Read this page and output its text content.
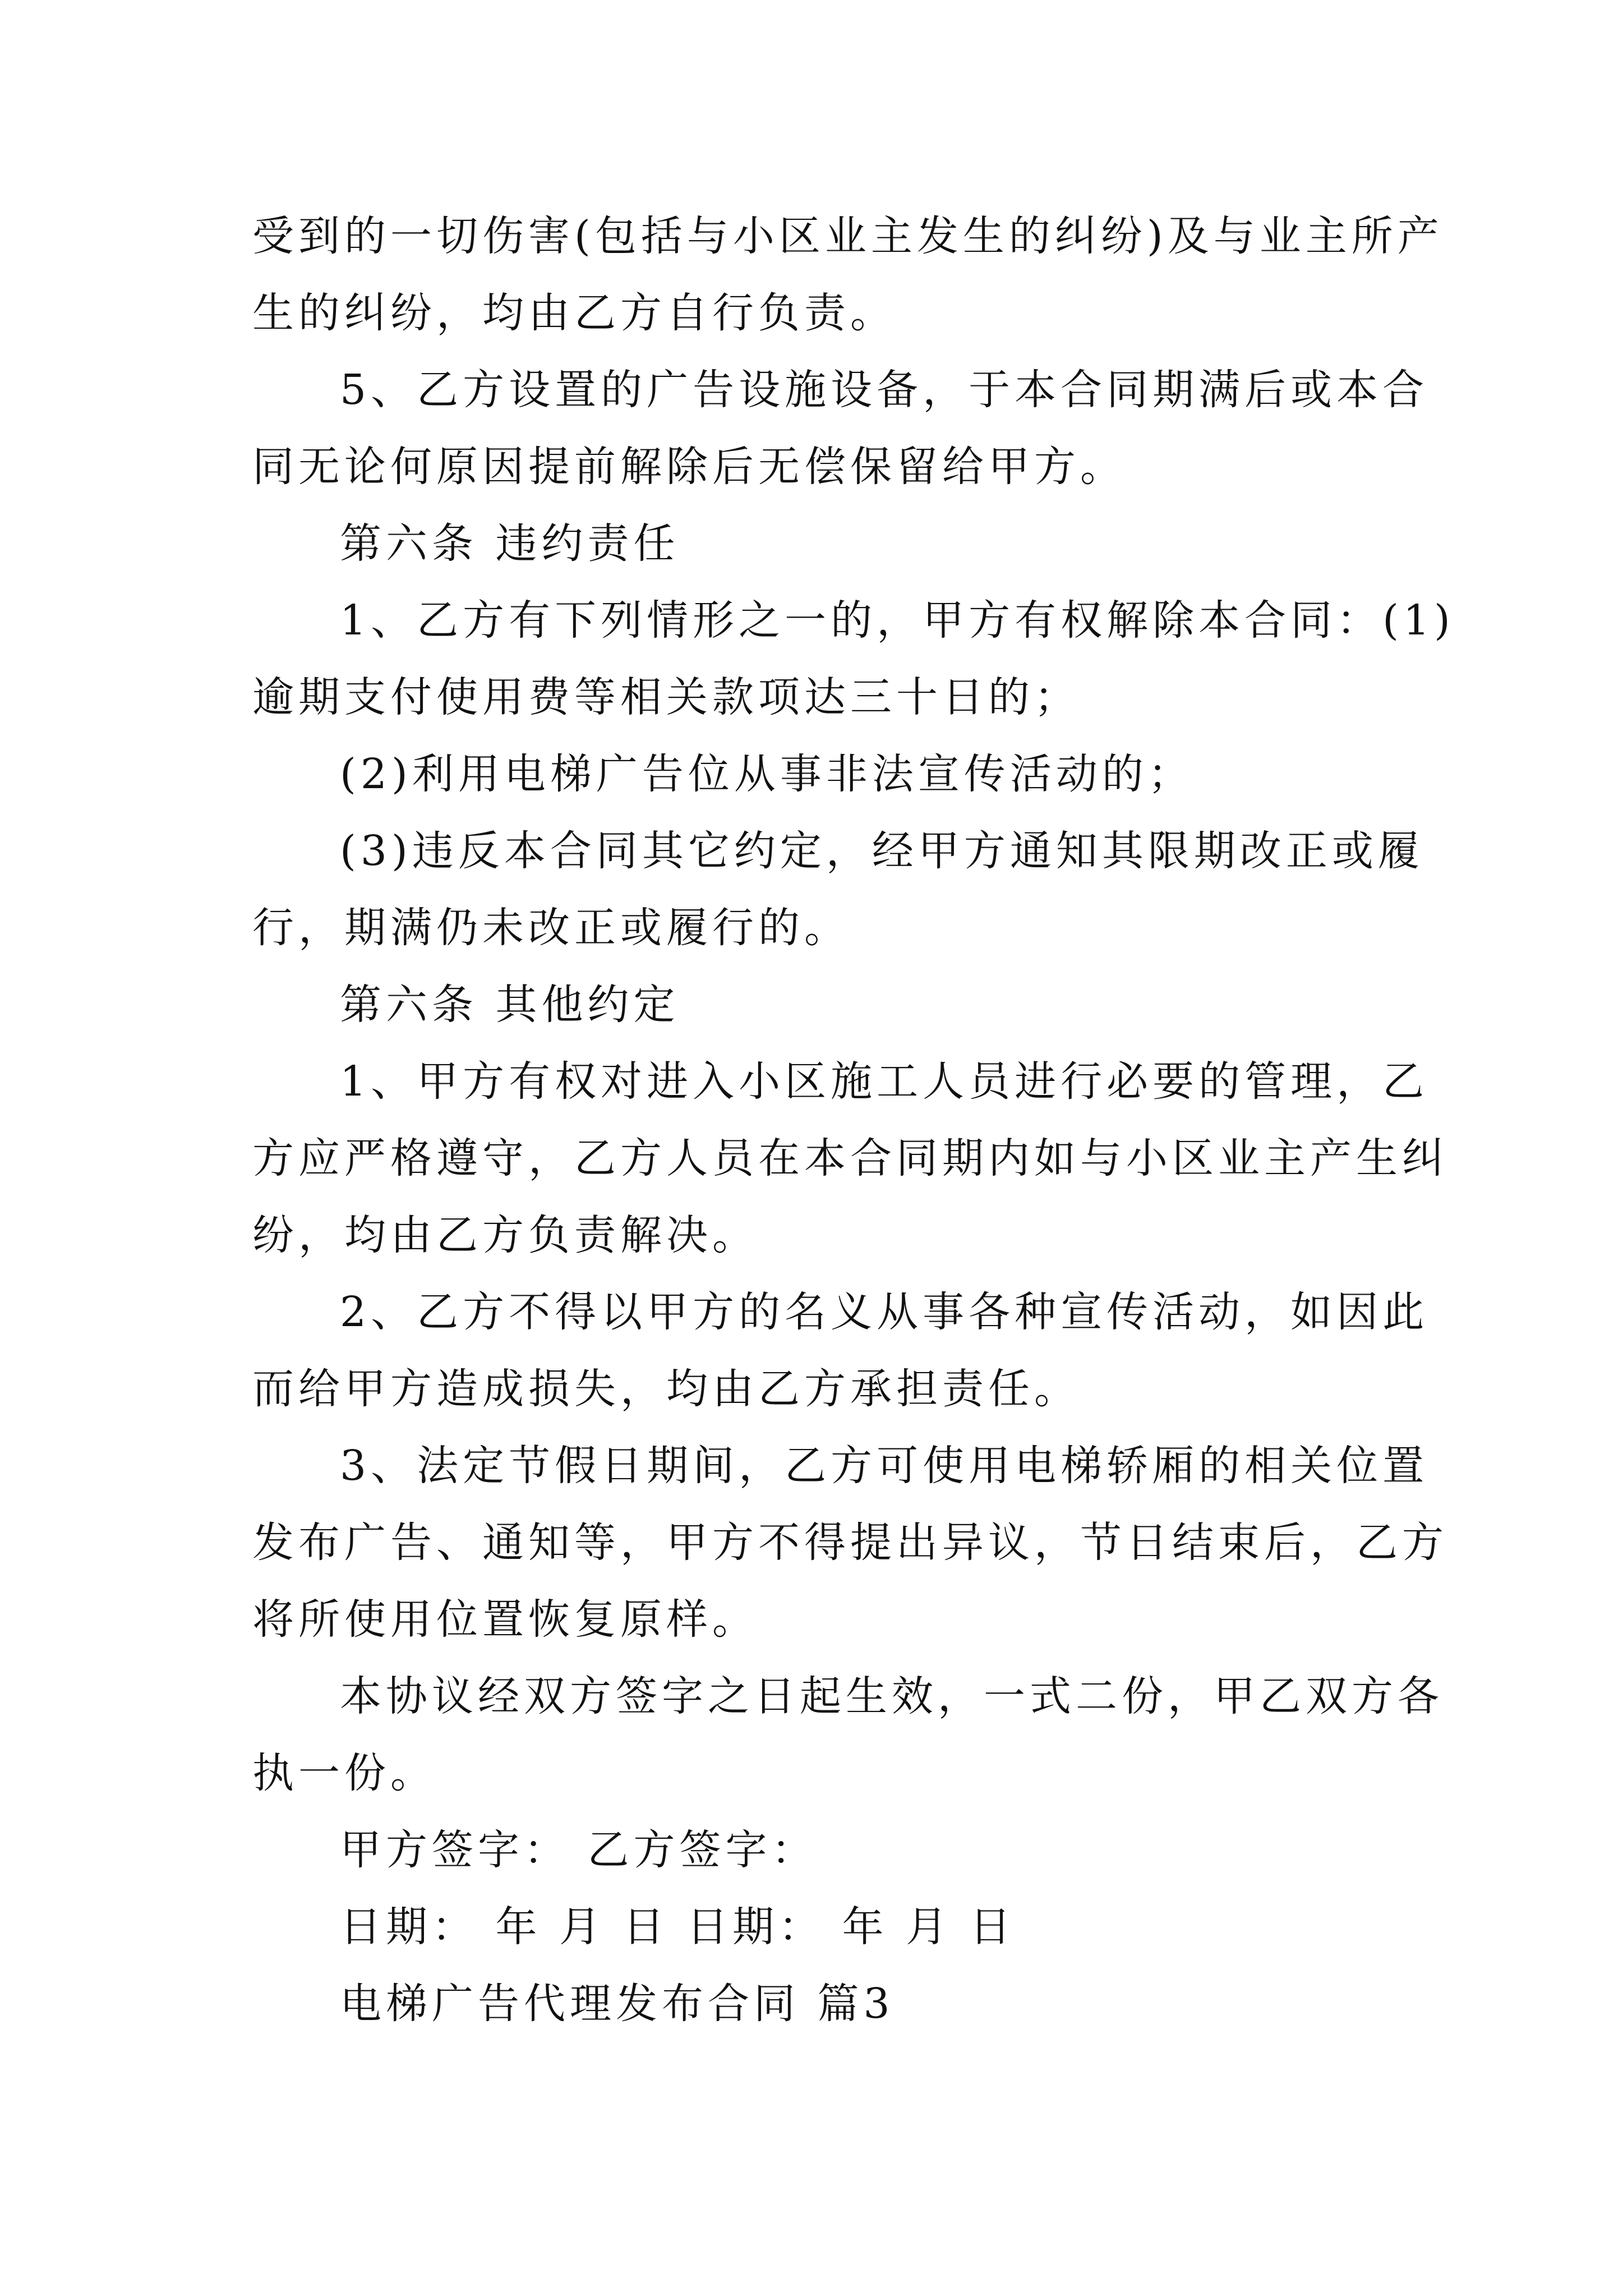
受到的一切伤害(包括与小区业主发生的纠纷)及与业主所产

生的纠纷，均由乙方自行负责。

5、乙方设置的广告设施设备，于本合同期满后或本合

同无论何原因提前解除后无偿保留给甲方。

第六条 违约责任

1、乙方有下列情形之一的，甲方有权解除本合同：(1)

逾期支付使用费等相关款项达三十日的；

(2)利用电梯广告位从事非法宣传活动的；

(3)违反本合同其它约定，经甲方通知其限期改正或履

行，期满仍未改正或履行的。

第六条 其他约定

1、甲方有权对进入小区施工人员进行必要的管理，乙

方应严格遵守，乙方人员在本合同期内如与小区业主产生纠

纷，均由乙方负责解决。

2、乙方不得以甲方的名义从事各种宣传活动，如因此

而给甲方造成损失，均由乙方承担责任。

3、法定节假日期间，乙方可使用电梯轿厢的相关位置

发布广告、通知等，甲方不得提出异议，节日结束后，乙方

将所使用位置恢复原样。

本协议经双方签字之日起生效，一式二份，甲乙双方各

执一份。

甲方签字： 乙方签字：

日期： 年 月 日 日期： 年 月 日

电梯广告代理发布合同 篇3
